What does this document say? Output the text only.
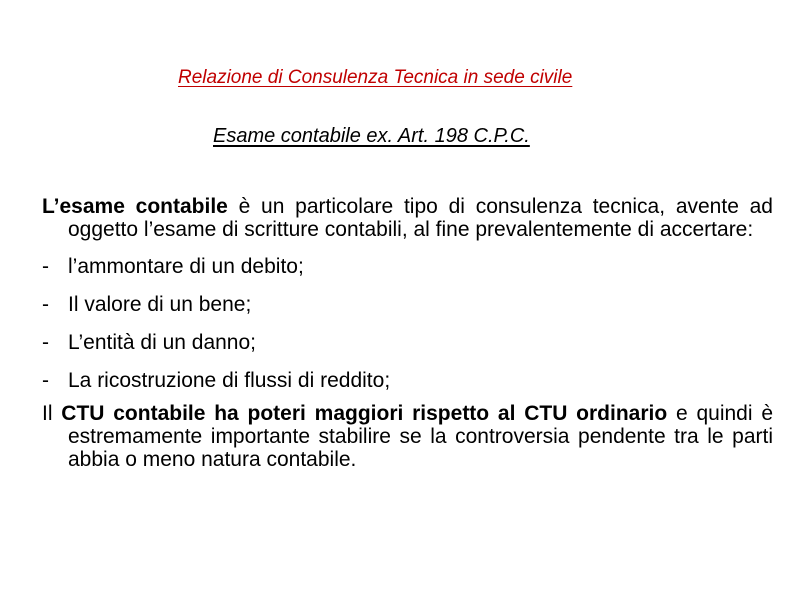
Relazione di Consulenza Tecnica in sede civile
Esame contabile ex. Art. 198 C.P.C.

L’esame contabile è un particolare tipo di consulenza tecnica, avente ad oggetto l’esame di scritture contabili, al fine prevalentemente di accertare:

- l’ammontare di un debito;
- Il valore di un bene;
- L’entità di un danno;
- La ricostruzione di flussi di reddito;

Il CTU contabile ha poteri maggiori rispetto al CTU ordinario e quindi è estremamente importante stabilire se la controversia pendente tra le parti abbia o meno natura contabile.
